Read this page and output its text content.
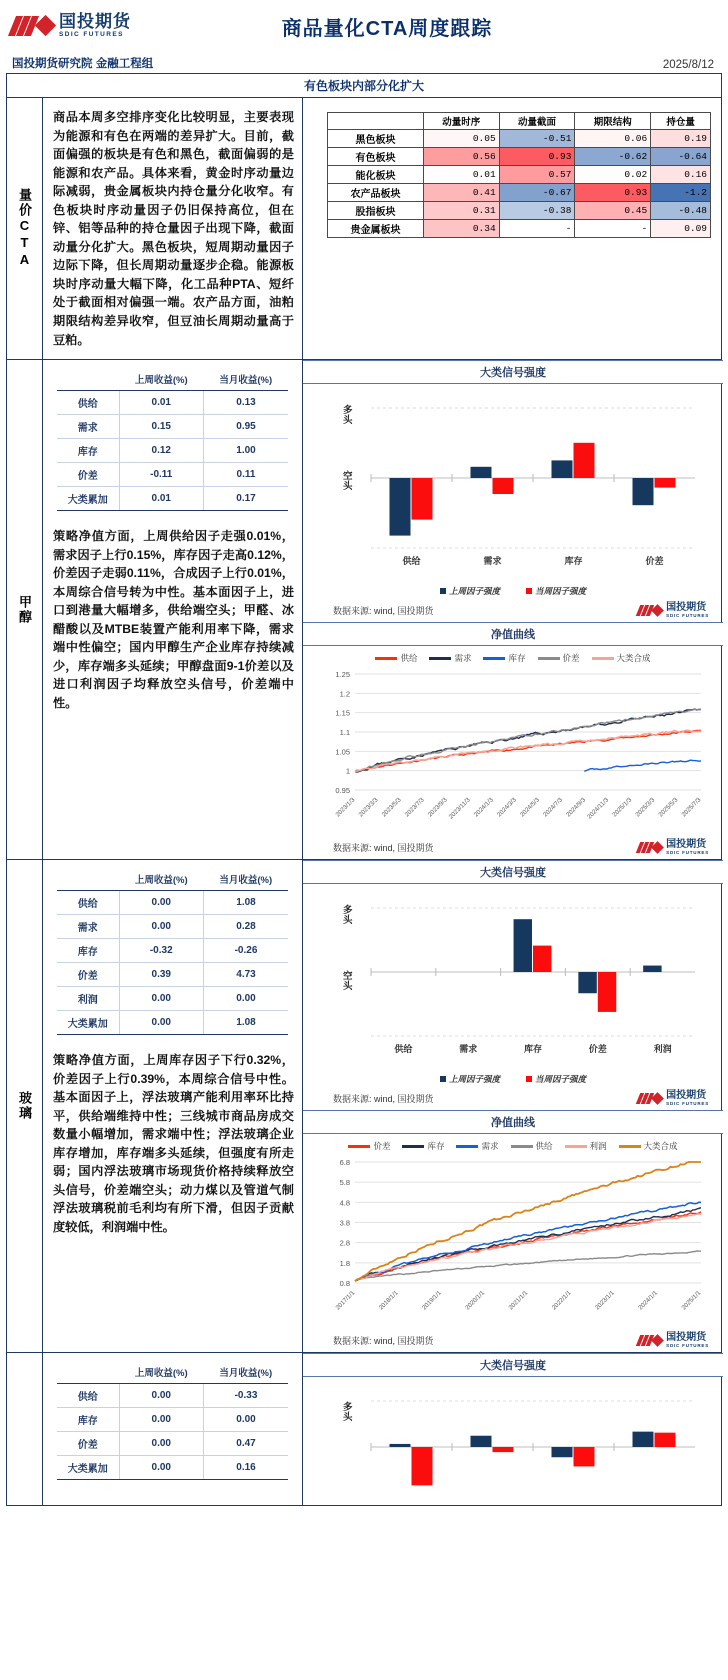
国投期货
SDIC FUTURES	商品量化CTA周度跟踪
国投期货研究院 金融工程组	2025/8/12
有色板块内部分化扩大
量价CTA
商品本周多空排序变化比较明显，主要表现为能源和有色在两端的差异扩大。目前，截面偏强的板块是有色和黑色，截面偏弱的是能源和农产品。具体来看，黄金时序动量边际减弱，贵金属板块内持仓量分化收窄。有色板块时序动量因子仍旧保持高位，但在锌、铝等品种的持仓量因子出现下降，截面动量分化扩大。黑色板块，短周期动量因子边际下降，但长周期动量逐步企稳。能源板块时序动量大幅下降，化工品种PTA、短纤处于截面相对偏强一端。农产品方面，油粕期限结构差异收窄，但豆油长周期动量高于豆粕。
	动量时序	动量截面	期限结构	持仓量
黑色板块	0.05	-0.51	0.06	0.19
有色板块	0.56	0.93	-0.62	-0.64
能化板块	0.01	0.57	0.02	0.16
农产品板块	0.41	-0.67	0.93	-1.2
股指板块	0.31	-0.38	0.45	-0.48
贵金属板块	0.34	-	-	0.09
甲醇
	上周收益(%)	当月收益(%)
供给	0.01	0.13
需求	0.15	0.95
库存	0.12	1.00
价差	-0.11	0.11
大类累加	0.01	0.17
策略净值方面，上周供给因子走强0.01%，需求因子上行0.15%，库存因子走高0.12%，价差因子走弱0.11%，合成因子上行0.01%，本周综合信号转为中性。基本面因子上，进口到港量大幅增多，供给端空头；甲醛、冰醋酸以及MTBE装置产能利用率下降，需求端中性偏空；国内甲醇生产企业库存持续减少，库存端多头延续；甲醇盘面9-1价差以及进口利润因子均释放空头信号，价差端中性。
大类信号强度
多头
空头
供给	需求	库存	价差
上周因子强度	当周因子强度
数据来源: wind, 国投期货	国投期货
SDIC FUTURES
净值曲线
供给	需求	库存	价差	大类合成
0.95
1
1.05
1.1
1.15
1.2
1.25
2023/1/3 2023/3/3 2023/5/3 2023/7/3 2023/9/3
2023/11/3 2024/1/3 2024/3/3 2024/5/3 2024/7/3 2024/9/3
2024/11/3 2025/1/3 2025/3/3 2025/5/3 2025/7/3
数据来源: wind, 国投期货	国投期货
SDIC FUTURES
玻璃
	上周收益(%)	当月收益(%)
供给	0.00	1.08
需求	0.00	0.28
库存	-0.32	-0.26
价差	0.39	4.73
利润	0.00	0.00
大类累加	0.00	1.08
策略净值方面，上周库存因子下行0.32%，价差因子上行0.39%，本周综合信号中性。基本面因子上，浮法玻璃产能利用率环比持平，供给端维持中性；三线城市商品房成交数量小幅增加，需求端中性；浮法玻璃企业库存增加，库存端多头延续，但强度有所走弱；国内浮法玻璃市场现货价格持续释放空头信号，价差端空头；动力煤以及管道气制浮法玻璃税前毛利均有所下滑，但因子贡献度较低，利润端中性。
大类信号强度
多头
空头
供给	需求	库存	价差	利润
上周因子强度	当周因子强度
数据来源: wind, 国投期货	国投期货
SDIC FUTURES
净值曲线
价差	库存	需求	供给	利润	大类合成
0.8
1.8
2.8
3.8
4.8
5.8
6.8
2017/1/1	2018/1/1	2019/1/1	2020/1/1	2021/1/1	2022/1/1	2023/1/1	2024/1/1	2025/1/1
数据来源: wind, 国投期货	国投期货
SDIC FUTURES
	上周收益(%)	当月收益(%)
供给	0.00	-0.33
库存	0.00	0.00
价差	0.00	0.47
大类累加	0.00	0.16
大类信号强度
多头
